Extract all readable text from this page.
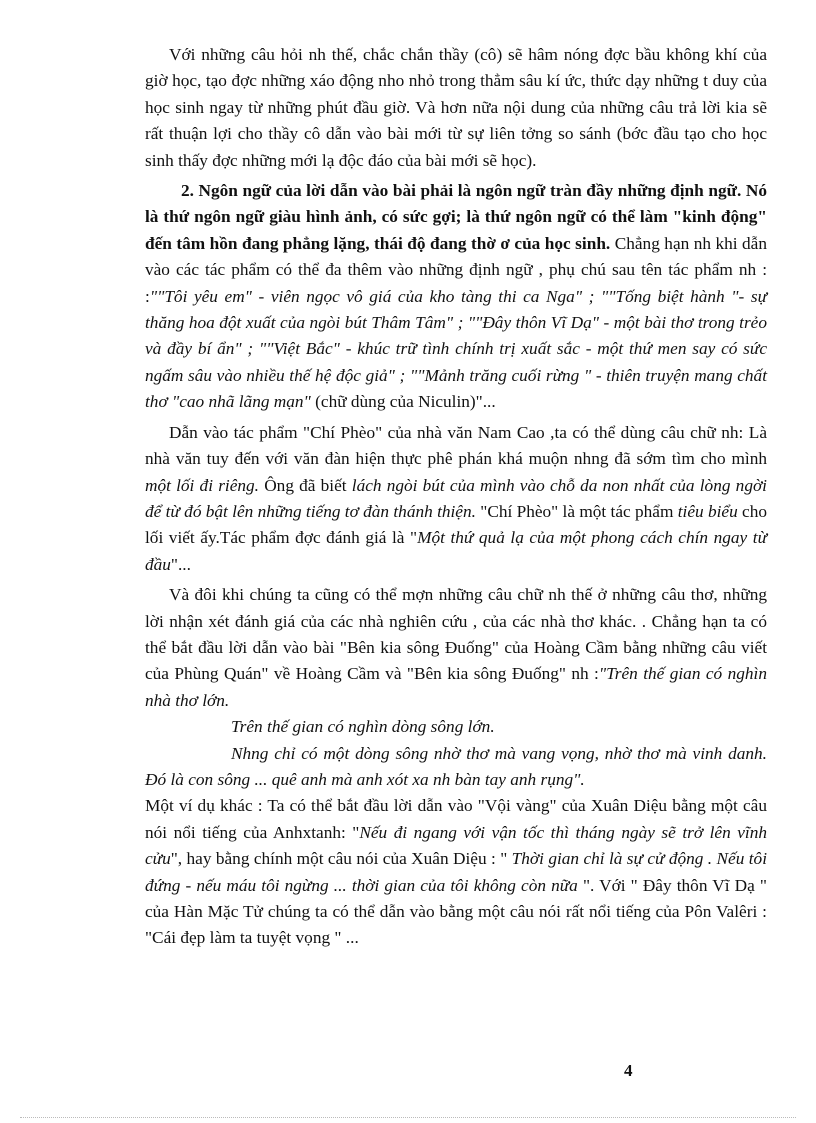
Với những câu hỏi nh thế, chắc chắn thầy (cô) sẽ hâm nóng đợc bầu không khí của giờ học, tạo đợc những xáo động nho nhỏ trong thẳm sâu kí ức, thức dạy những t duy của học sinh ngay từ những phút đầu giờ. Và hơn nữa nội dung của những câu trả lời kia sẽ rất thuận lợi cho thầy cô dẫn vào bài mới từ sự liên tởng so sánh (bớc đầu tạo cho học sinh thấy đợc những mới lạ độc đáo của bài mới sẽ học).

2. Ngôn ngữ của lời dẫn vào bài phải là ngôn ngữ tràn đầy những định ngữ. Nó là thứ ngôn ngữ giàu hình ảnh, có sức gợi; là thứ ngôn ngữ có thể làm "kinh động" đến tâm hồn đang phẳng lặng, thái độ đang thờ ơ của học sinh. Chẳng hạn nh khi dẫn vào các tác phẩm có thể đa thêm vào những định ngữ , phụ chú sau tên tác phẩm nh : :""Tôi yêu em" - viên ngọc vô giá của kho tàng thi ca Nga" ; ""Tống biệt hành "- sự thăng hoa đột xuất của ngòi bút Thâm Tâm" ; ""Đây thôn Vĩ Dạ" - một bài thơ trong trẻo và đầy bí ẩn" ; ""Việt Bắc" - khúc trữ tình chính trị xuất sắc - một thứ men say có sức ngấm sâu vào nhiều thế hệ độc giả" ; ""Mảnh trăng cuối rừng " - thiên truyện mang chất thơ "cao nhã lãng mạn" (chữ dùng của Niculin)"...

Dẫn vào tác phẩm "Chí Phèo" của nhà văn Nam Cao ,ta có thể dùng câu chữ nh: Là nhà văn tuy đến với văn đàn hiện thực phê phán khá muộn nhng đã sớm tìm cho mình một lối đi riêng. Ông đã biết lách ngòi bút của mình vào chỗ da non nhất của lòng ngời để từ đó bật lên những tiếng tơ đàn thánh thiện. "Chí Phèo" là một tác phẩm tiêu biểu cho lối viết ấy.Tác phẩm đợc đánh giá là "Một thứ quả lạ của một phong cách chín ngay từ đầu"...

Và đôi khi chúng ta cũng có thể mợn những câu chữ nh thế ở những câu thơ, những lời nhận xét đánh giá của các nhà nghiên cứu , của các nhà thơ khác. . Chẳng hạn ta có thể bắt đầu lời dẫn vào bài "Bên kia sông Đuống" của Hoàng Cầm bằng những câu viết của Phùng Quán" về Hoàng Cầm và "Bên kia sông Đuống" nh :"Trên thế gian có nghìn nhà thơ lớn.

Trên thế gian có nghìn dòng sông lớn.

Nhng chỉ có một dòng sông nhờ thơ mà vang vọng, nhờ thơ mà vinh danh. Đó là con sông ... quê anh mà anh xót xa nh bàn tay anh rụng".

Một ví dụ khác : Ta có thể bắt đầu lời dẫn vào "Vội vàng" của Xuân Diệu bằng một câu nói nổi tiếng của Anhxtanh: "Nếu đi ngang với vận tốc thì tháng ngày sẽ trở lên vĩnh cửu", hay bằng chính một câu nói của Xuân Diệu : " Thời gian chỉ là sự cử động . Nếu tôi đứng - nếu máu tôi ngừng ... thời gian của tôi không còn nữa ". Với " Đây thôn Vĩ Dạ " của Hàn Mặc Tử chúng ta có thể dẫn vào bằng một câu nói rất nổi tiếng của Pôn Valêri : "Cái đẹp làm ta tuyệt vọng " ...

4
